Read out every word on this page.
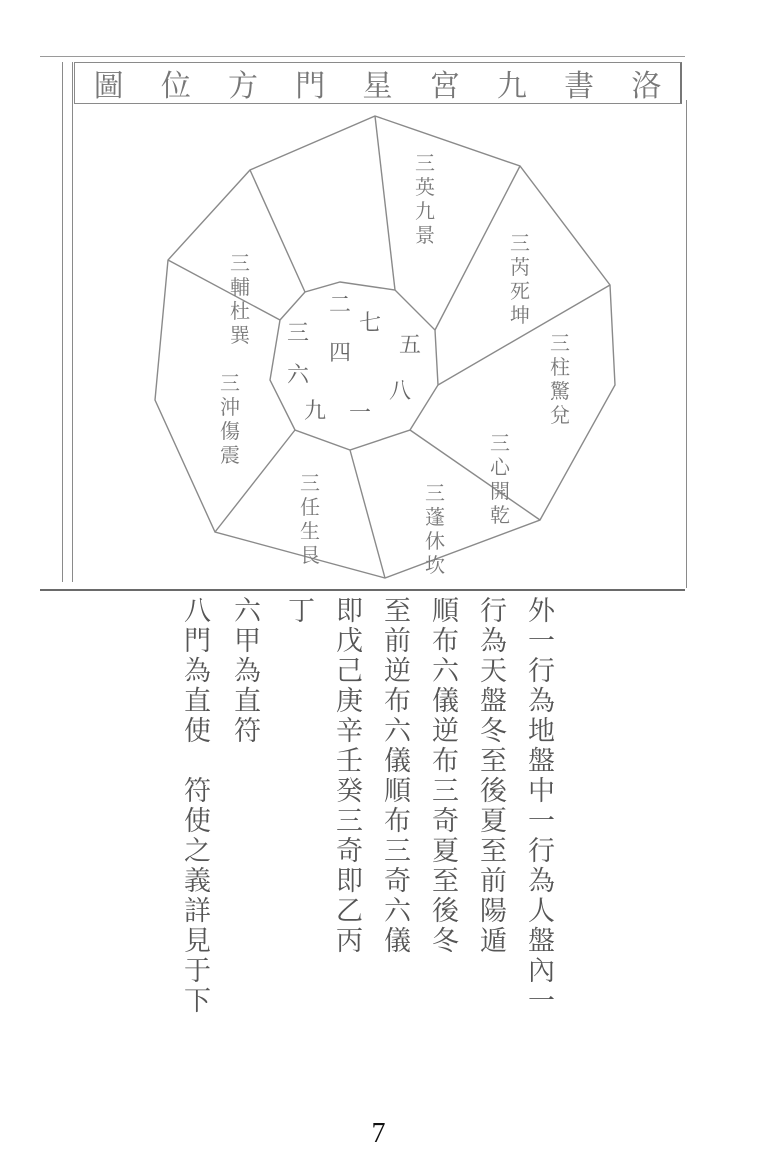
洛
書
九
宮
星
門
方
位
圖
二
五
八
一
九
六
三
四
七
三
英
九
景	三
芮
死
坤
三
柱
驚
兌
三
心
開
乾
三
蓬
休
坎
三
任
生
艮
三
沖
傷
震
三
輔
杜
巽
外一行為地盤中一行為人盤內一
行為天盤冬至後夏至前陽遁
順布六儀逆布三奇夏至後冬
至前逆布六儀順布三奇六儀
即戊己庚辛壬癸三奇即乙丙
丁
六甲為直符
八門為直使　符使之義詳見于下
7
